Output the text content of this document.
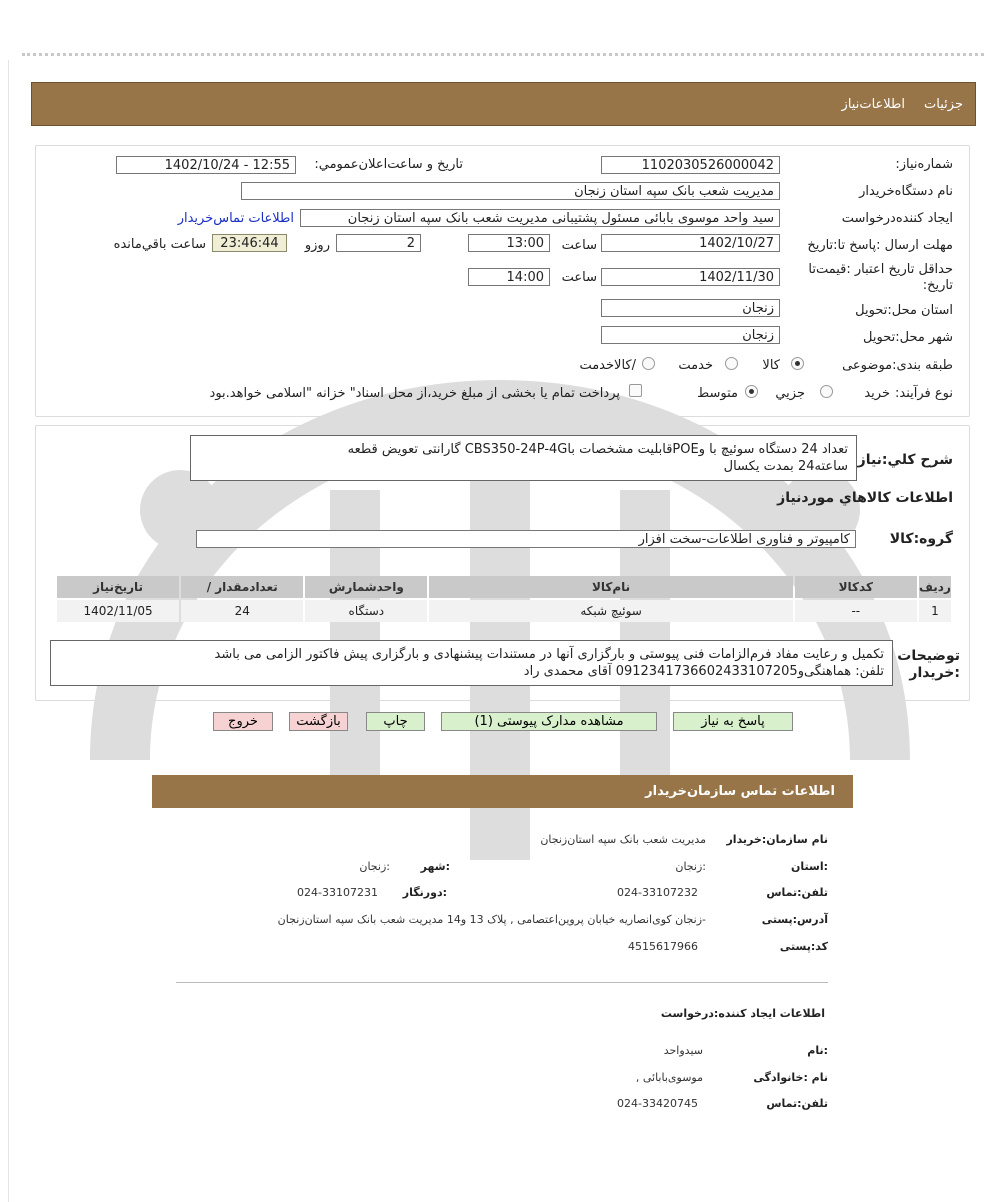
جزئیات
اطلاعات‌نیاز
شماره‌نیاز:
1102030526000042
تاریخ و ساعت‌اعلان‌عمومي:
1402/10/24 - 12:55
نام دستگاه‌خریدار
مدیریت شعب بانک سپه استان زنجان
ایجاد کننده‌درخواست
سید واحد موسوی بابائی مسئول پشتیبانی مدیریت شعب بانک سپه استان زنجان
اطلاعات تماس‌خریدار
مهلت ارسال :پاسخ تا:تاریخ
1402/10/27
ساعت
13:00
2
روزو
23:46:44
ساعت باقي‌مانده
حداقل تاریخ اعتبار :قیمت‌تا
تاریخ:
1402/11/30
ساعت
14:00
استان محل:تحویل
زنجان
شهر محل:تحویل
زنجان
طبقه بندی:موضوعی
کالا
خدمت
/کالاخدمت
نوع فرآیند:
خرید
جزیي
متوسط
پرداخت تمام یا بخشی از مبلغ خرید،از محل اسناد" خزانه "اسلامی خواهد.بود
شرح کلي:نیاز
تعداد 24 دستگاه سوئیچ با وPOEقابلیت مشخصات باCBS350-24P-4G گارانتی تعویض قطعه
ساعته24 بمدت یکسال
اطلاعات کالاهاي مورد‌نیاز
گروه:کالا
کامپیوتر و فناوری اطلاعات-سخت افزار
ردیف	کدکالا	نام‌کالا	واحدشمارش	تعدادمقدار /	تاریخ‌نیاز
1	--	سوئیچ شبکه	دستگاه	24	1402/11/05
توضیحات
:خریدار
تکمیل و رعایت مفاد فرم‌الزامات فنی پیوستی و بارگزاری آنها در مستندات پیشنهادی و بارگزاری پیش فاکتور الزامی می باشد
تلفن: هماهنگی‌و09123417366024331072‌05 آقای محمدی راد
پاسخ به نیاز
مشاهده مدارک پیوستی (1)
چاپ
بازگشت
خروج
اطلاعات تماس سازمان‌خریدار
نام سازمان:خریدار
مدیریت شعب بانک سپه استان‌زنجان
:استان
:زنجان
:شهر
:زنجان
تلفن:تماس
024-33107232
:دورنگار
024-33107231
آدرس:پستی
-زنجان کوی‌انصاریه خیابان پروین‌اعتصامی , پلاک 13 و14 مدیریت شعب بانک سپه استان‌زنجان
کد:پستی
4515617966
اطلاعات ایجاد کننده:درخواست
:نام
سیدواحد
نام :خانوادگی
موسوی‌بابائی ,
تلفن:تماس
024-33420745
